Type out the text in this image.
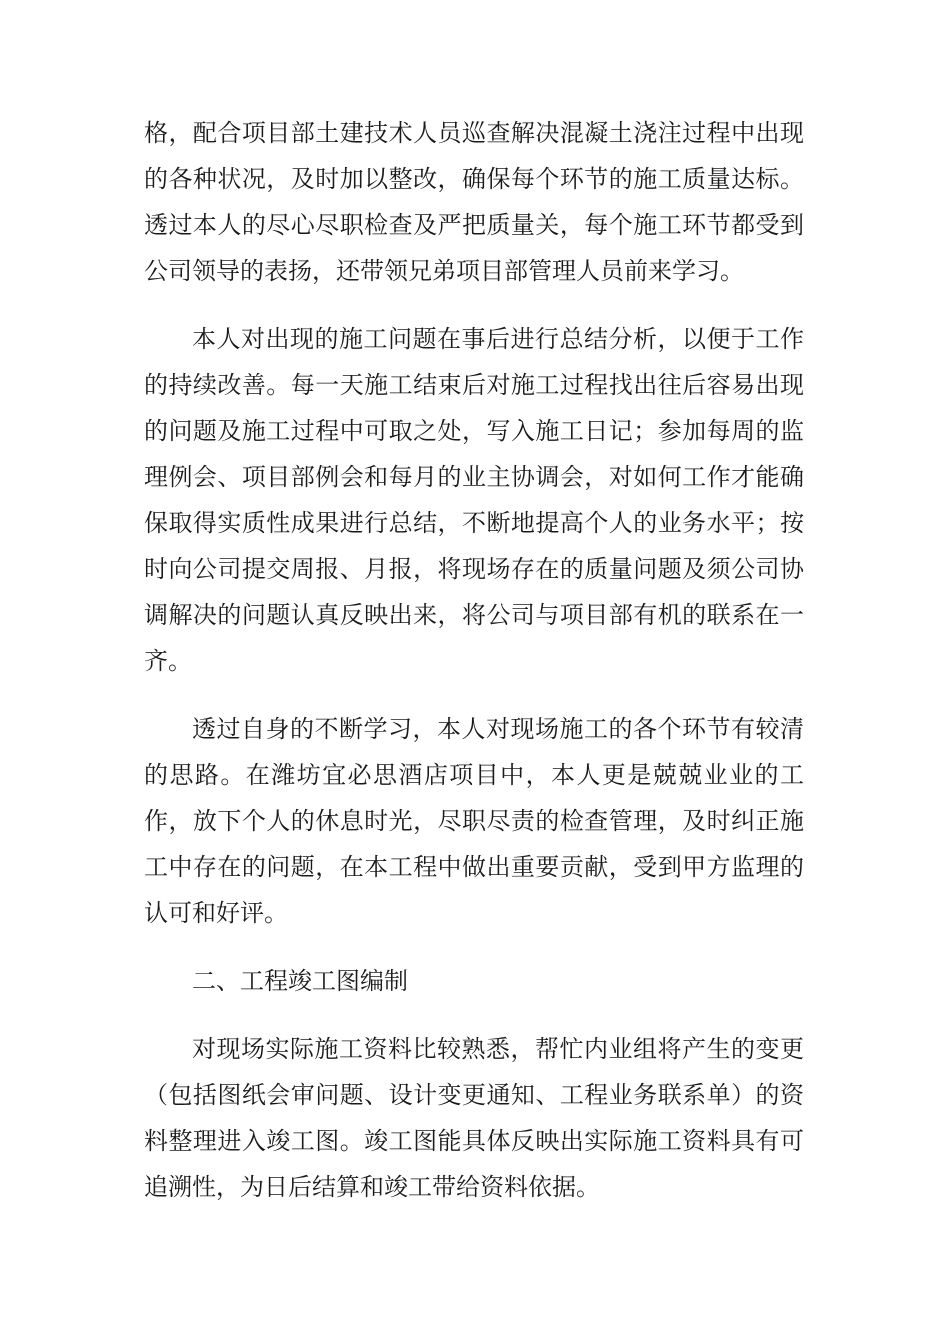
格，配合项目部土建技术人员巡查解决混凝土浇注过程中出现的各种状况，及时加以整改，确保每个环节的施工质量达标。透过本人的尽心尽职检查及严把质量关，每个施工环节都受到公司领导的表扬，还带领兄弟项目部管理人员前来学习。

本人对出现的施工问题在事后进行总结分析，以便于工作的持续改善。每一天施工结束后对施工过程找出往后容易出现的问题及施工过程中可取之处，写入施工日记；参加每周的监理例会、项目部例会和每月的业主协调会，对如何工作才能确保取得实质性成果进行总结，不断地提高个人的业务水平；按时向公司提交周报、月报，将现场存在的质量问题及须公司协调解决的问题认真反映出来，将公司与项目部有机的联系在一齐。

透过自身的不断学习，本人对现场施工的各个环节有较清的思路。在潍坊宜必思酒店项目中，本人更是兢兢业业的工作，放下个人的休息时光，尽职尽责的检查管理，及时纠正施工中存在的问题，在本工程中做出重要贡献，受到甲方监理的认可和好评。

二、工程竣工图编制

对现场实际施工资料比较熟悉，帮忙内业组将产生的变更（包括图纸会审问题、设计变更通知、工程业务联系单）的资料整理进入竣工图。竣工图能具体反映出实际施工资料具有可追溯性，为日后结算和竣工带给资料依据。
